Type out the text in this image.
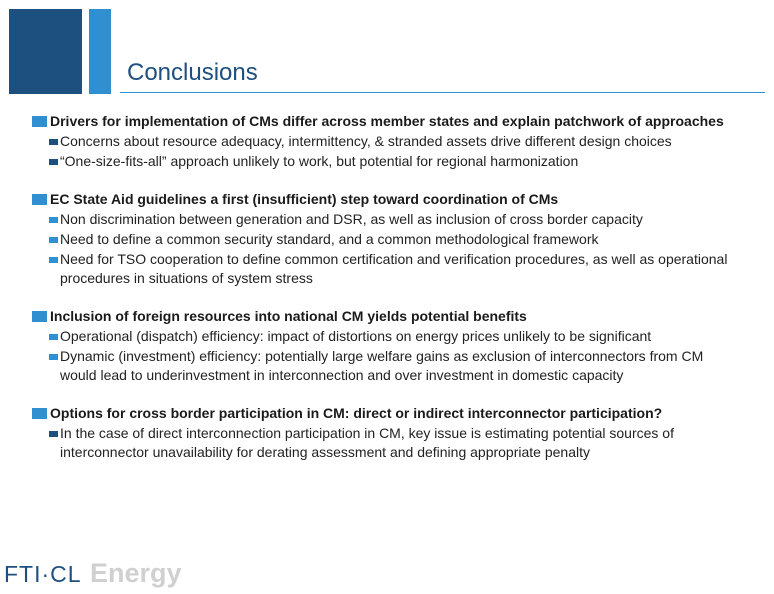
Conclusions
Drivers for implementation of CMs differ across member states and explain patchwork of approaches
Concerns about resource adequacy, intermittency, & stranded assets drive different design choices
“One-size-fits-all” approach unlikely to work, but potential for regional harmonization
EC State Aid guidelines a first (insufficient) step toward coordination of CMs
Non discrimination between generation and DSR, as well as inclusion of cross border capacity
Need to define a common security standard, and a common methodological framework
Need for TSO cooperation to define common certification and verification procedures, as well as operational procedures in situations of system stress
Inclusion of foreign resources into national CM yields potential benefits
Operational (dispatch) efficiency: impact of distortions on energy prices unlikely to be significant
Dynamic (investment) efficiency: potentially large welfare gains as exclusion of interconnectors from CM would lead to underinvestment in interconnection and over investment in domestic capacity
Options for cross border participation in CM: direct or indirect interconnector participation?
In the case of direct interconnection participation in CM, key issue is estimating potential sources of interconnector unavailability for derating assessment and defining appropriate penalty
FTI·CL Energy
